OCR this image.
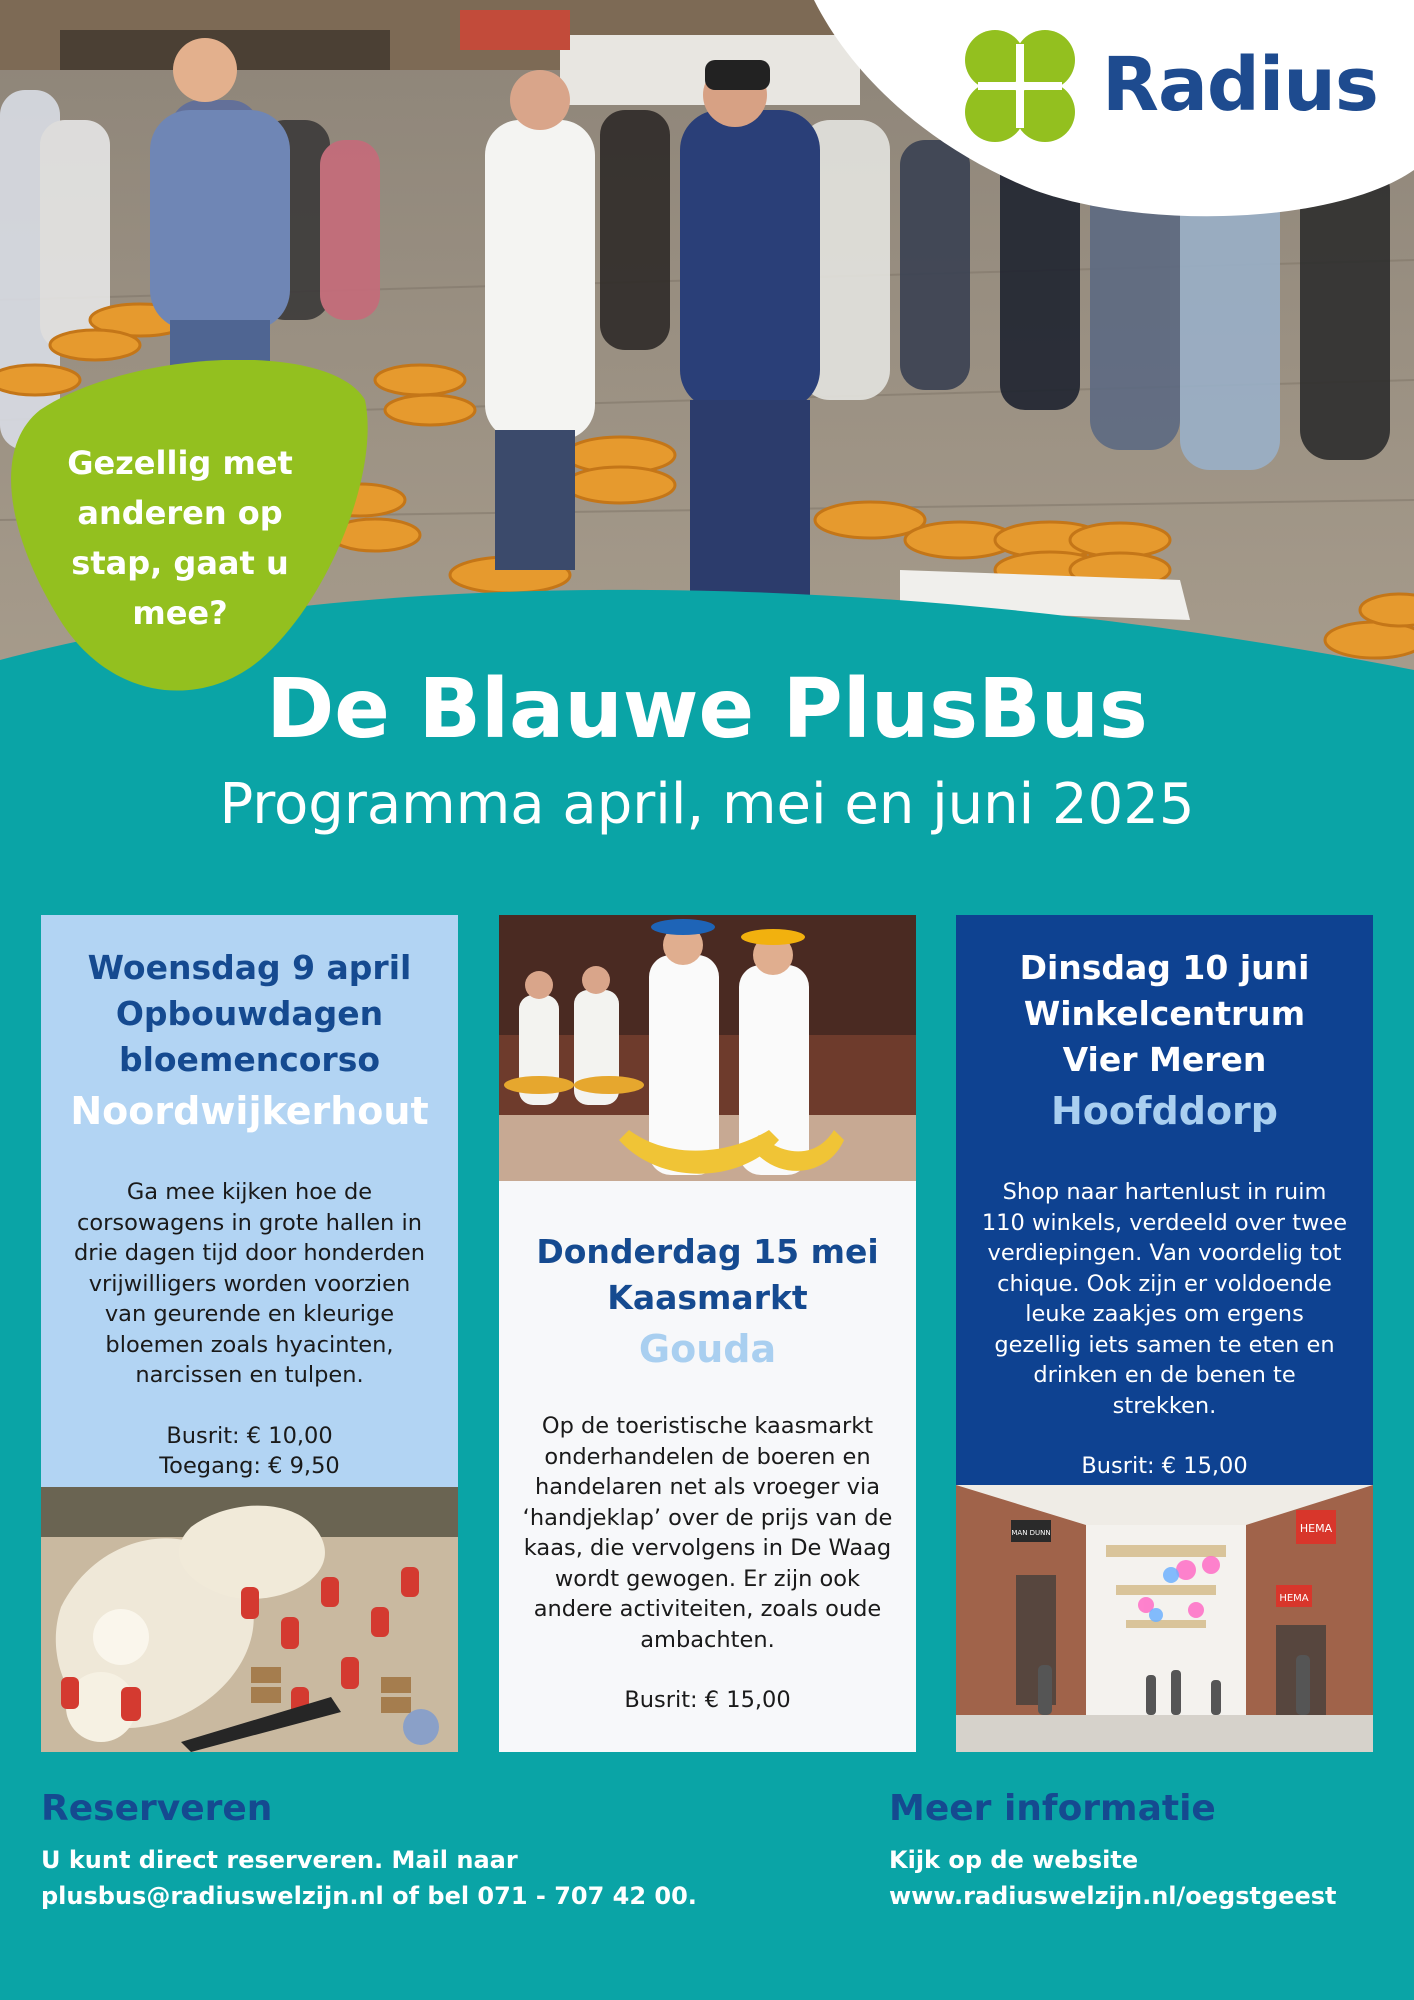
Radius
Gezellig met
anderen op
stap, gaat u
mee?
De Blauwe PlusBus
Programma april, mei en juni 2025
Woensdag 9 april
Opbouwdagen
bloemencorso
Noordwijkerhout
Ga mee kijken hoe de
corsowagens in grote hallen in
drie dagen tijd door honderden
vrijwilligers worden voorzien
van geurende en kleurige
bloemen zoals hyacinten,
narcissen en tulpen.
Busrit: € 10,00
Toegang: € 9,50
Donderdag 15 mei
Kaasmarkt
Gouda
Op de toeristische kaasmarkt
onderhandelen de boeren en
handelaren net als vroeger via
‘handjeklap’ over de prijs van de
kaas, die vervolgens in De Waag
wordt gewogen. Er zijn ook
andere activiteiten, zoals oude
ambachten.
Busrit: € 15,00
Dinsdag 10 juni
Winkelcentrum
Vier Meren
Hoofddorp
Shop naar hartenlust in ruim
110 winkels, verdeeld over twee
verdiepingen. Van voordelig tot
chique. Ook zijn er voldoende
leuke zaakjes om ergens
gezellig iets samen te eten en
drinken en de benen te
strekken.
Busrit: € 15,00
HEMA
HEMA
MAN DUNN
Reserveren
U kunt direct reserveren. Mail naar
plusbus@radiuswelzijn.nl of bel 071 - 707 42 00.
Meer informatie
Kijk op de website
www.radiuswelzijn.nl/oegstgeest
